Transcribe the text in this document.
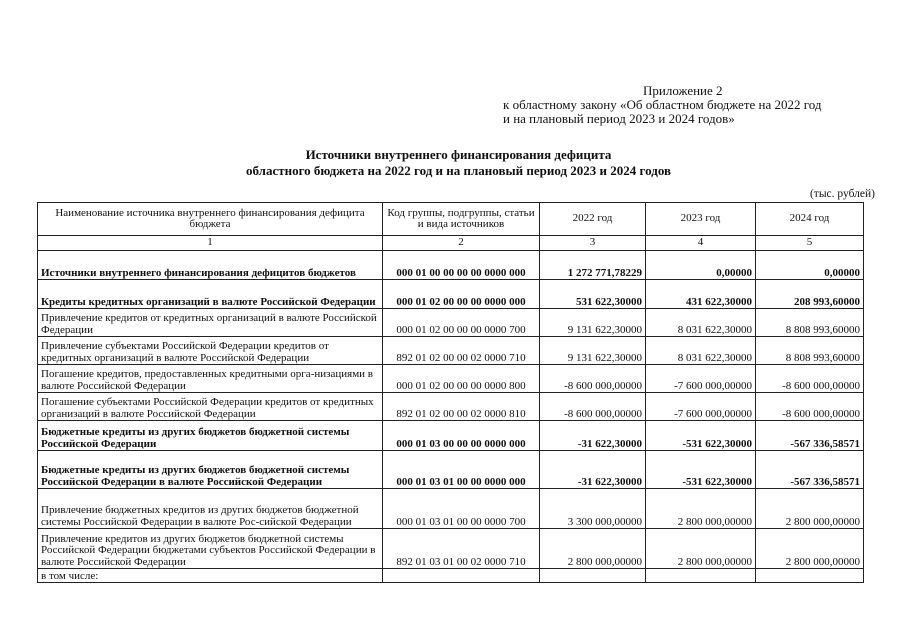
Приложение 2
к областному закону «Об областном бюджете на 2022 год
и на плановый период 2023 и 2024 годов»
Источники внутреннего финансирования дефицита
областного бюджета на 2022 год и на плановый период 2023 и 2024 годов
(тыс. рублей)
Наименование источника внутреннего финансирования дефицита бюджета	Код группы, подгруппы, статьи и вида источников	2022 год	2023 год	2024 год
1	2	3	4	5
Источники внутреннего финансирования дефицитов бюджетов	000 01 00 00 00 00 0000 000	1 272 771,78229	0,00000	0,00000
Кредиты кредитных организаций в валюте Российской Федерации	000 01 02 00 00 00 0000 000	531 622,30000	431 622,30000	208 993,60000
Привлечение кредитов от кредитных организаций в валюте Российской Федерации	000 01 02 00 00 00 0000 700	9 131 622,30000	8 031 622,30000	8 808 993,60000
Привлечение субъектами Российской Федерации кредитов от кредитных организаций в валюте Российской Федерации	892 01 02 00 00 02 0000 710	9 131 622,30000	8 031 622,30000	8 808 993,60000
Погашение кредитов, предоставленных кредитными орга-низациями в валюте Российской Федерации	000 01 02 00 00 00 0000 800	-8 600 000,00000	-7 600 000,00000	-8 600 000,00000
Погашение субъектами Российской Федерации кредитов от кредитных организаций в валюте Российской Федерации	892 01 02 00 00 02 0000 810	-8 600 000,00000	-7 600 000,00000	-8 600 000,00000
Бюджетные кредиты из других бюджетов бюджетной системы Российской Федерации	000 01 03 00 00 00 0000 000	-31 622,30000	-531 622,30000	-567 336,58571
Бюджетные кредиты из других бюджетов бюджетной системы Российской Федерации в валюте Российской Федерации	000 01 03 01 00 00 0000 000	-31 622,30000	-531 622,30000	-567 336,58571
Привлечение бюджетных кредитов из других бюджетов бюджетной системы Российской Федерации в валюте Рос-сийской Федерации	000 01 03 01 00 00 0000 700	3 300 000,00000	2 800 000,00000	2 800 000,00000
Привлечение кредитов из других бюджетов бюджетной системы Российской Федерации бюджетами субъектов Российской Федерации в валюте Российской Федерации	892 01 03 01 00 02 0000 710	2 800 000,00000	2 800 000,00000	2 800 000,00000
в том числе:				
